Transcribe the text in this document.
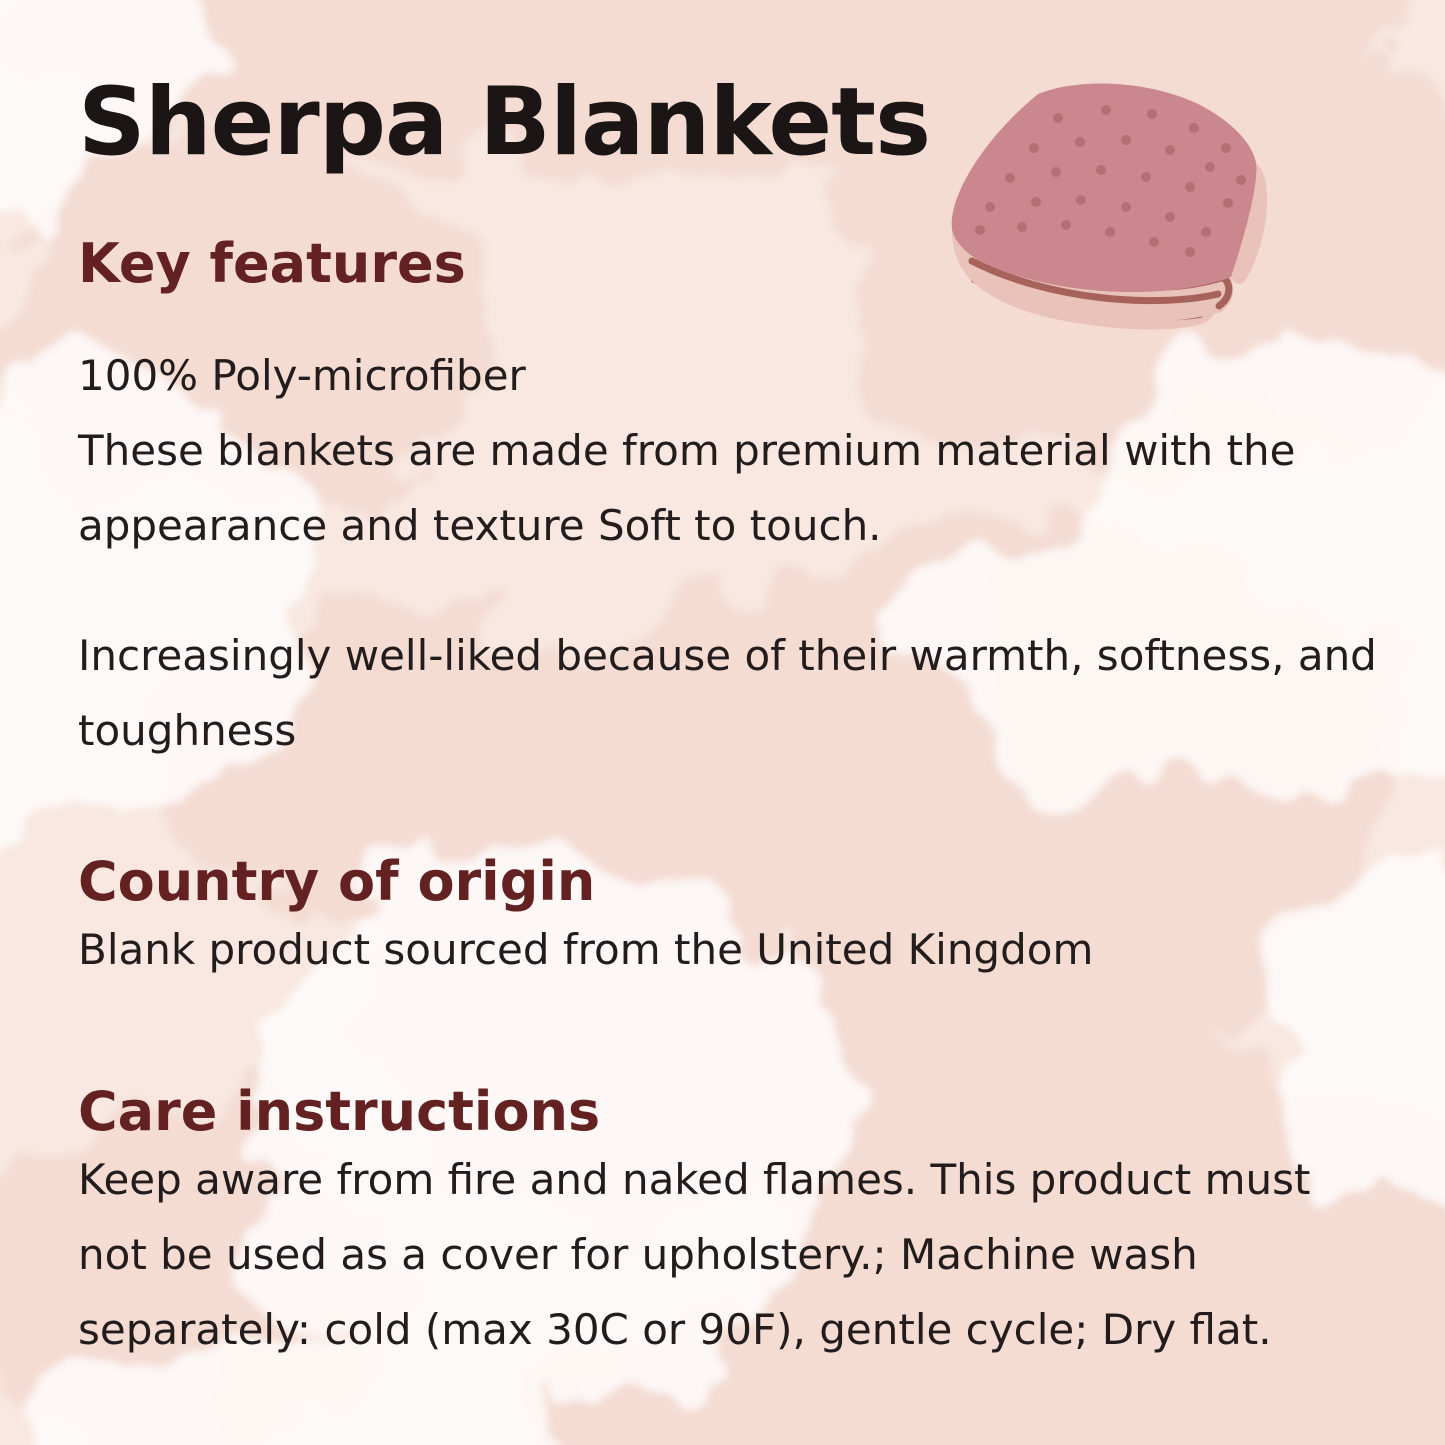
Sherpa Blankets
Key features
100% Poly-microfiber
These blankets are made from premium material with the
appearance and texture Soft to touch.
Increasingly well-liked because of their warmth, softness, and
toughness
Country of origin
Blank product sourced from the United Kingdom
Care instructions
Keep aware from fire and naked flames. This product must
not be used as a cover for upholstery.; Machine wash
separately: cold (max 30C or 90F), gentle cycle; Dry flat.
